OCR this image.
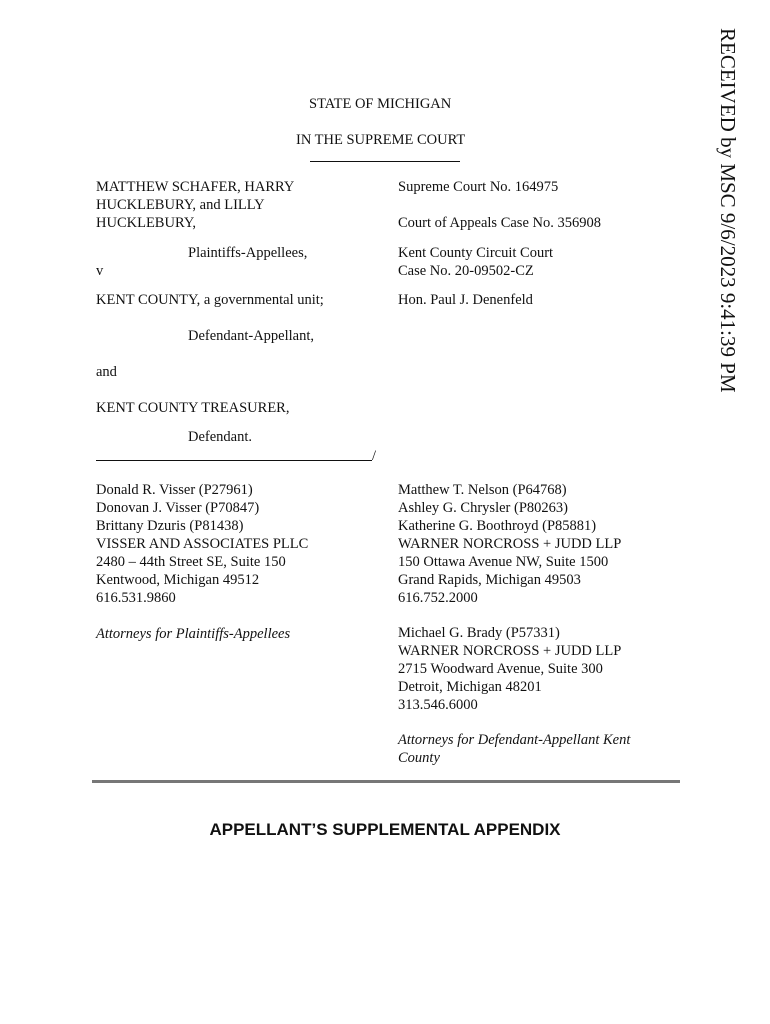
RECEIVED by MSC 9/6/2023 9:41:39 PM
STATE OF MICHIGAN
IN THE SUPREME COURT
MATTHEW SCHAFER, HARRY
HUCKLEBURY, and LILLY
HUCKLEBURY,
Plaintiffs-Appellees,
v
KENT COUNTY, a governmental unit;
Defendant-Appellant,
and
KENT COUNTY TREASURER,
Defendant.
/
Supreme Court No. 164975
Court of Appeals Case No. 356908
Kent County Circuit Court
Case No. 20-09502-CZ
Hon. Paul J. Denenfeld
Donald R. Visser (P27961)
Donovan J. Visser (P70847)
Brittany Dzuris (P81438)
VISSER AND ASSOCIATES PLLC
2480 – 44th Street SE, Suite 150
Kentwood, Michigan 49512
616.531.9860
Attorneys for Plaintiffs-Appellees
Matthew T. Nelson (P64768)
Ashley G. Chrysler (P80263)
Katherine G. Boothroyd (P85881)
WARNER NORCROSS + JUDD LLP
150 Ottawa Avenue NW, Suite 1500
Grand Rapids, Michigan 49503
616.752.2000
Michael G. Brady (P57331)
WARNER NORCROSS + JUDD LLP
2715 Woodward Avenue, Suite 300
Detroit, Michigan 48201
313.546.6000
Attorneys for Defendant-Appellant Kent
County
APPELLANT’S SUPPLEMENTAL APPENDIX
